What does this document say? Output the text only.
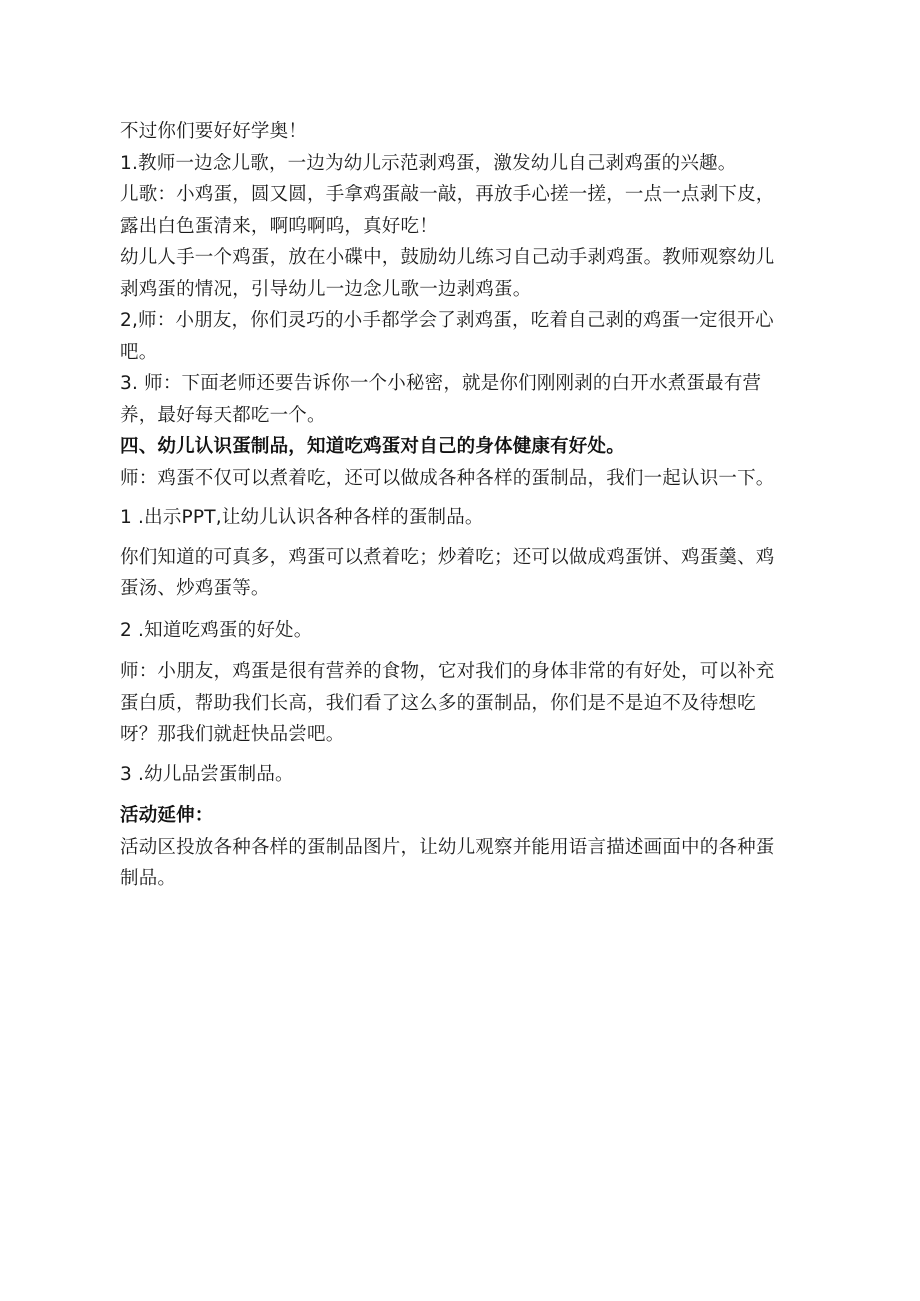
不过你们要好好学奥！

1.教师一边念儿歌，一边为幼儿示范剥鸡蛋，激发幼儿自己剥鸡蛋的兴趣。

儿歌：小鸡蛋，圆又圆，手拿鸡蛋敲一敲，再放手心搓一搓，一点一点剥下皮，露出白色蛋清来，啊呜啊呜，真好吃！

幼儿人手一个鸡蛋，放在小碟中，鼓励幼儿练习自己动手剥鸡蛋。教师观察幼儿剥鸡蛋的情况，引导幼儿一边念儿歌一边剥鸡蛋。

2,师：小朋友，你们灵巧的小手都学会了剥鸡蛋，吃着自己剥的鸡蛋一定很开心吧。

3. 师：下面老师还要告诉你一个小秘密，就是你们刚刚剥的白开水煮蛋最有营养，最好每天都吃一个。

四、幼儿认识蛋制品，知道吃鸡蛋对自己的身体健康有好处。

师：鸡蛋不仅可以煮着吃，还可以做成各种各样的蛋制品，我们一起认识一下。

1 .出示PPT,让幼儿认识各种各样的蛋制品。

你们知道的可真多，鸡蛋可以煮着吃；炒着吃；还可以做成鸡蛋饼、鸡蛋羹、鸡蛋汤、炒鸡蛋等。

2 .知道吃鸡蛋的好处。

师：小朋友，鸡蛋是很有营养的食物，它对我们的身体非常的有好处，可以补充蛋白质，帮助我们长高，我们看了这么多的蛋制品，你们是不是迫不及待想吃呀？那我们就赶快品尝吧。

3 .幼儿品尝蛋制品。

活动延伸：

活动区投放各种各样的蛋制品图片，让幼儿观察并能用语言描述画面中的各种蛋制品。
